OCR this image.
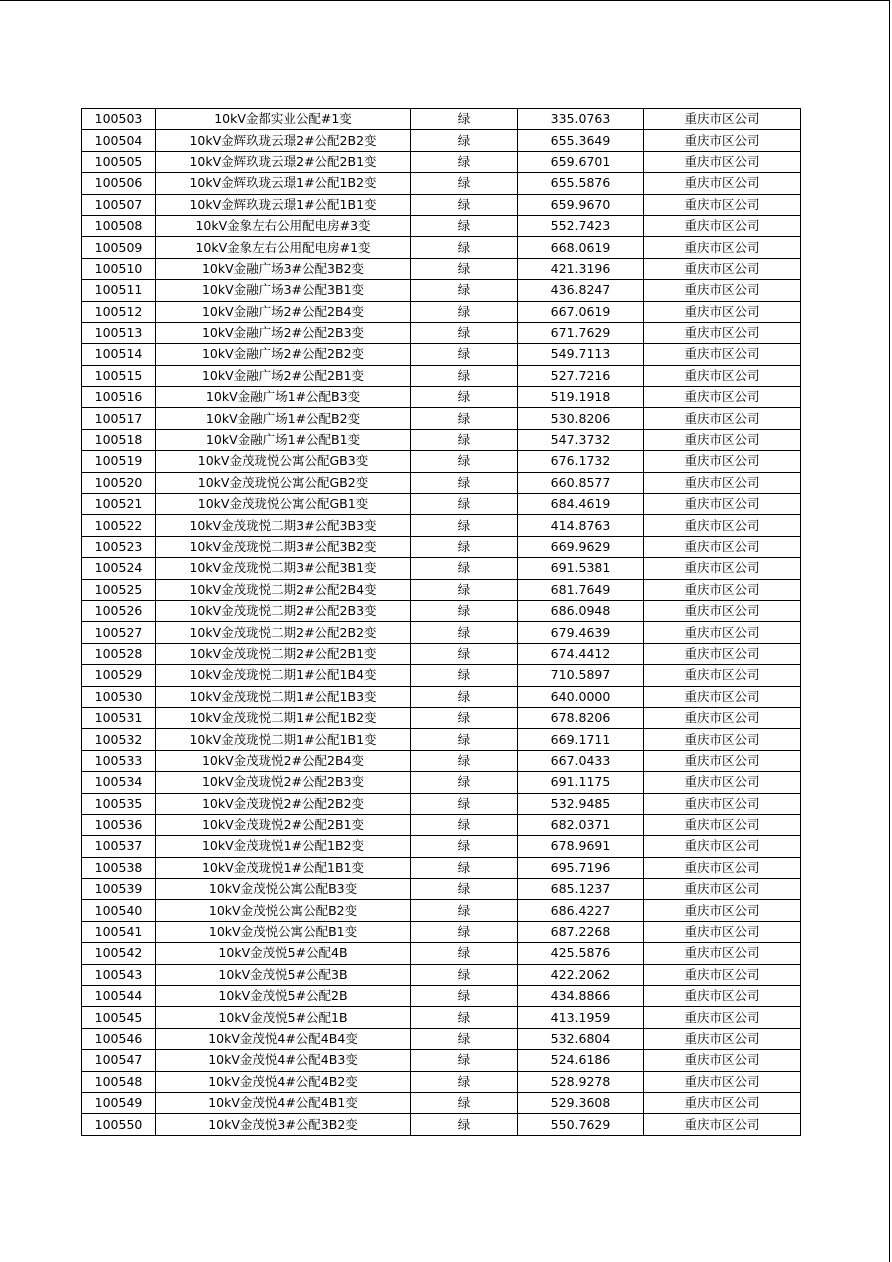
100503	10kV金都实业公配#1变	绿	335.0763	重庆市区公司
100504	10kV金辉玖珑云璟2#公配2B2变	绿	655.3649	重庆市区公司
100505	10kV金辉玖珑云璟2#公配2B1变	绿	659.6701	重庆市区公司
100506	10kV金辉玖珑云璟1#公配1B2变	绿	655.5876	重庆市区公司
100507	10kV金辉玖珑云璟1#公配1B1变	绿	659.9670	重庆市区公司
100508	10kV金象左右公用配电房#3变	绿	552.7423	重庆市区公司
100509	10kV金象左右公用配电房#1变	绿	668.0619	重庆市区公司
100510	10kV金融广场3#公配3B2变	绿	421.3196	重庆市区公司
100511	10kV金融广场3#公配3B1变	绿	436.8247	重庆市区公司
100512	10kV金融广场2#公配2B4变	绿	667.0619	重庆市区公司
100513	10kV金融广场2#公配2B3变	绿	671.7629	重庆市区公司
100514	10kV金融广场2#公配2B2变	绿	549.7113	重庆市区公司
100515	10kV金融广场2#公配2B1变	绿	527.7216	重庆市区公司
100516	10kV金融广场1#公配B3变	绿	519.1918	重庆市区公司
100517	10kV金融广场1#公配B2变	绿	530.8206	重庆市区公司
100518	10kV金融广场1#公配B1变	绿	547.3732	重庆市区公司
100519	10kV金茂珑悦公寓公配GB3变	绿	676.1732	重庆市区公司
100520	10kV金茂珑悦公寓公配GB2变	绿	660.8577	重庆市区公司
100521	10kV金茂珑悦公寓公配GB1变	绿	684.4619	重庆市区公司
100522	10kV金茂珑悦二期3#公配3B3变	绿	414.8763	重庆市区公司
100523	10kV金茂珑悦二期3#公配3B2变	绿	669.9629	重庆市区公司
100524	10kV金茂珑悦二期3#公配3B1变	绿	691.5381	重庆市区公司
100525	10kV金茂珑悦二期2#公配2B4变	绿	681.7649	重庆市区公司
100526	10kV金茂珑悦二期2#公配2B3变	绿	686.0948	重庆市区公司
100527	10kV金茂珑悦二期2#公配2B2变	绿	679.4639	重庆市区公司
100528	10kV金茂珑悦二期2#公配2B1变	绿	674.4412	重庆市区公司
100529	10kV金茂珑悦二期1#公配1B4变	绿	710.5897	重庆市区公司
100530	10kV金茂珑悦二期1#公配1B3变	绿	640.0000	重庆市区公司
100531	10kV金茂珑悦二期1#公配1B2变	绿	678.8206	重庆市区公司
100532	10kV金茂珑悦二期1#公配1B1变	绿	669.1711	重庆市区公司
100533	10kV金茂珑悦2#公配2B4变	绿	667.0433	重庆市区公司
100534	10kV金茂珑悦2#公配2B3变	绿	691.1175	重庆市区公司
100535	10kV金茂珑悦2#公配2B2变	绿	532.9485	重庆市区公司
100536	10kV金茂珑悦2#公配2B1变	绿	682.0371	重庆市区公司
100537	10kV金茂珑悦1#公配1B2变	绿	678.9691	重庆市区公司
100538	10kV金茂珑悦1#公配1B1变	绿	695.7196	重庆市区公司
100539	10kV金茂悦公寓公配B3变	绿	685.1237	重庆市区公司
100540	10kV金茂悦公寓公配B2变	绿	686.4227	重庆市区公司
100541	10kV金茂悦公寓公配B1变	绿	687.2268	重庆市区公司
100542	10kV金茂悦5#公配4B	绿	425.5876	重庆市区公司
100543	10kV金茂悦5#公配3B	绿	422.2062	重庆市区公司
100544	10kV金茂悦5#公配2B	绿	434.8866	重庆市区公司
100545	10kV金茂悦5#公配1B	绿	413.1959	重庆市区公司
100546	10kV金茂悦4#公配4B4变	绿	532.6804	重庆市区公司
100547	10kV金茂悦4#公配4B3变	绿	524.6186	重庆市区公司
100548	10kV金茂悦4#公配4B2变	绿	528.9278	重庆市区公司
100549	10kV金茂悦4#公配4B1变	绿	529.3608	重庆市区公司
100550	10kV金茂悦3#公配3B2变	绿	550.7629	重庆市区公司
